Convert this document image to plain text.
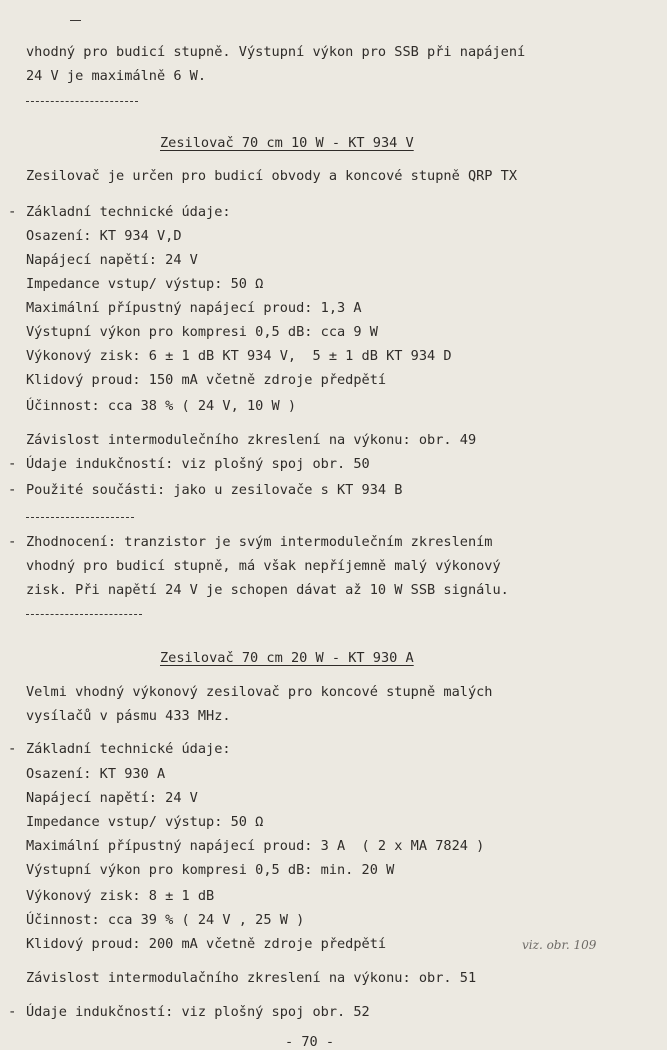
vhodný pro budicí stupně. Výstupní výkon pro SSB při napájení
24 V je maximálně 6 W.
Zesilovač 70 cm 10 W - KT 934 V
Zesilovač je určen pro budicí obvody a koncové stupně QRP TX
- Základní technické údaje:
Osazení: KT 934 V,D
Napájecí napětí: 24 V
Impedance vstup/ výstup: 50 Ω
Maximální přípustný napájecí proud: 1,3 A
Výstupní výkon pro kompresi 0,5 dB: cca 9 W
Výkonový zisk: 6 ± 1 dB KT 934 V,  5 ± 1 dB KT 934 D
Klidový proud: 150 mA včetně zdroje předpětí
Účinnost: cca 38 % ( 24 V, 10 W )
Závislost intermodulečního zkreslení na výkonu: obr. 49
- Údaje indukčností: viz plošný spoj obr. 50
- Použité součásti: jako u zesilovače s KT 934 B
- Zhodnocení: tranzistor je svým intermodulečním zkreslením
vhodný pro budicí stupně, má však nepříjemně malý výkonový
zisk. Při napětí 24 V je schopen dávat až 10 W SSB signálu.
Zesilovač 70 cm 20 W - KT 930 A
Velmi vhodný výkonový zesilovač pro koncové stupně malých
vysílačů v pásmu 433 MHz.
- Základní technické údaje:
Osazení: KT 930 A
Napájecí napětí: 24 V
Impedance vstup/ výstup: 50 Ω
Maximální přípustný napájecí proud: 3 A  ( 2 x MA 7824 )
Výstupní výkon pro kompresi 0,5 dB: min. 20 W
Výkonový zisk: 8 ± 1 dB
Účinnost: cca 39 % ( 24 V , 25 W )
Klidový proud: 200 mA včetně zdroje předpětí	viz. obr. 109
Závislost intermodulačního zkreslení na výkonu: obr. 51
- Údaje indukčností: viz plošný spoj obr. 52
- 70 -
